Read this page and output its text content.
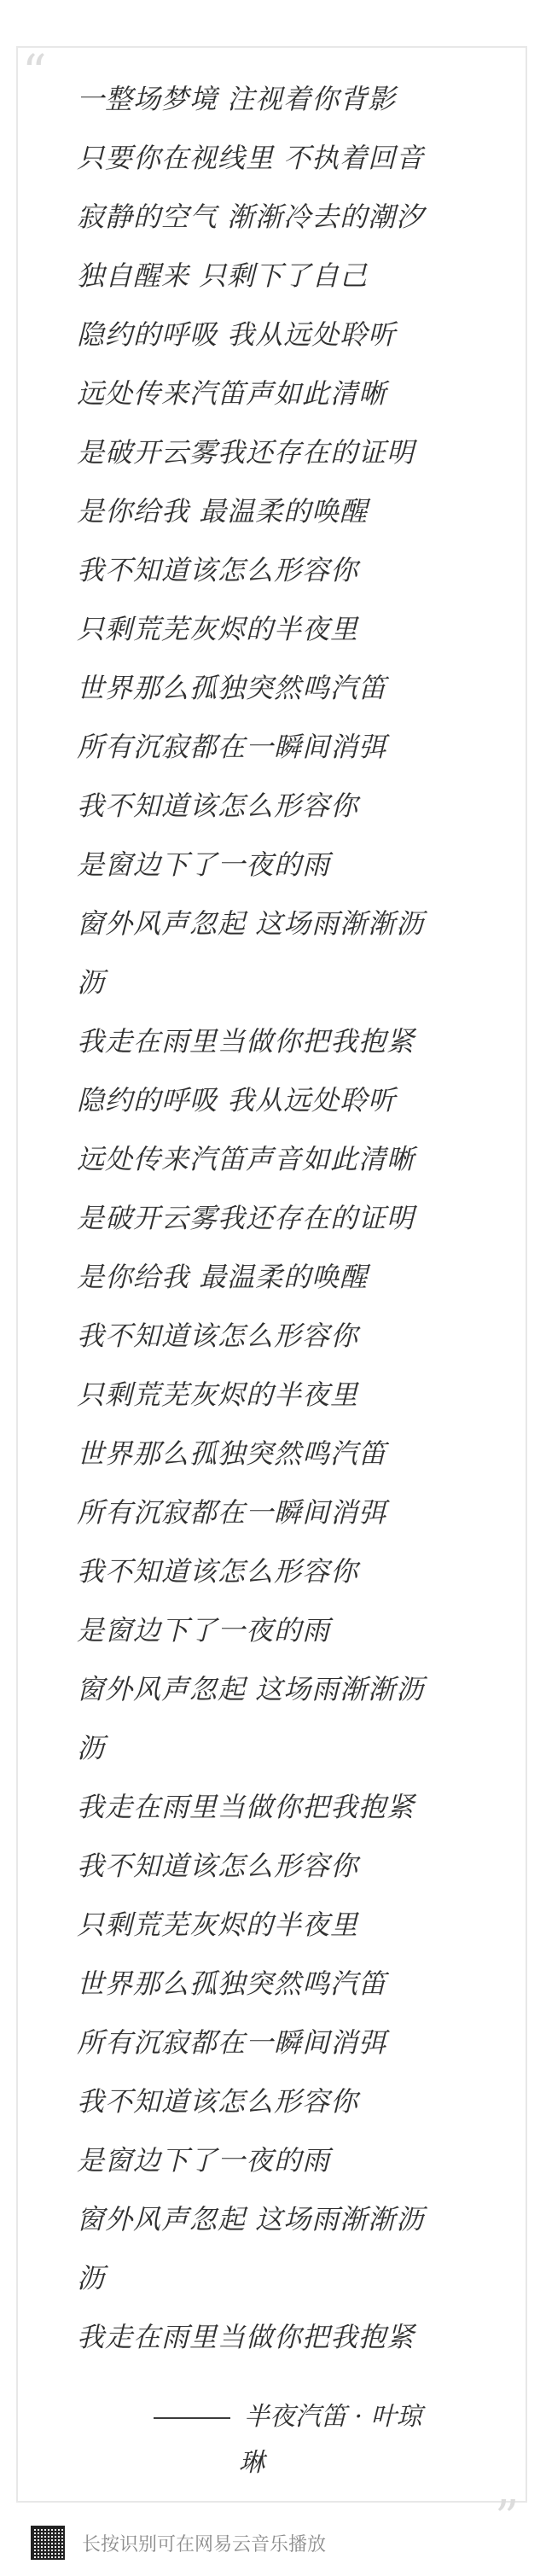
“ 一整场梦境 注视着你背影
只要你在视线里 不执着回音
寂静的空气 渐渐冷去的潮汐
独自醒来 只剩下了自己
隐约的呼吸 我从远处聆听
远处传来汽笛声如此清晰
是破开云雾我还存在的证明
是你给我 最温柔的唤醒
我不知道该怎么形容你
只剩荒芜灰烬的半夜里
世界那么孤独突然鸣汽笛
所有沉寂都在一瞬间消弭
我不知道该怎么形容你
是窗边下了一夜的雨
窗外风声忽起 这场雨渐渐沥
沥
我走在雨里当做你把我抱紧
隐约的呼吸 我从远处聆听
远处传来汽笛声音如此清晰
是破开云雾我还存在的证明
是你给我 最温柔的唤醒
我不知道该怎么形容你
只剩荒芜灰烬的半夜里
世界那么孤独突然鸣汽笛
所有沉寂都在一瞬间消弭
我不知道该怎么形容你
是窗边下了一夜的雨
窗外风声忽起 这场雨渐渐沥
沥
我走在雨里当做你把我抱紧
我不知道该怎么形容你
只剩荒芜灰烬的半夜里
世界那么孤独突然鸣汽笛
所有沉寂都在一瞬间消弭
我不知道该怎么形容你
是窗边下了一夜的雨
窗外风声忽起 这场雨渐渐沥
沥
我走在雨里当做你把我抱紧
半夜汽笛 · 叶琼
琳
“
长按识别可在网易云音乐播放
